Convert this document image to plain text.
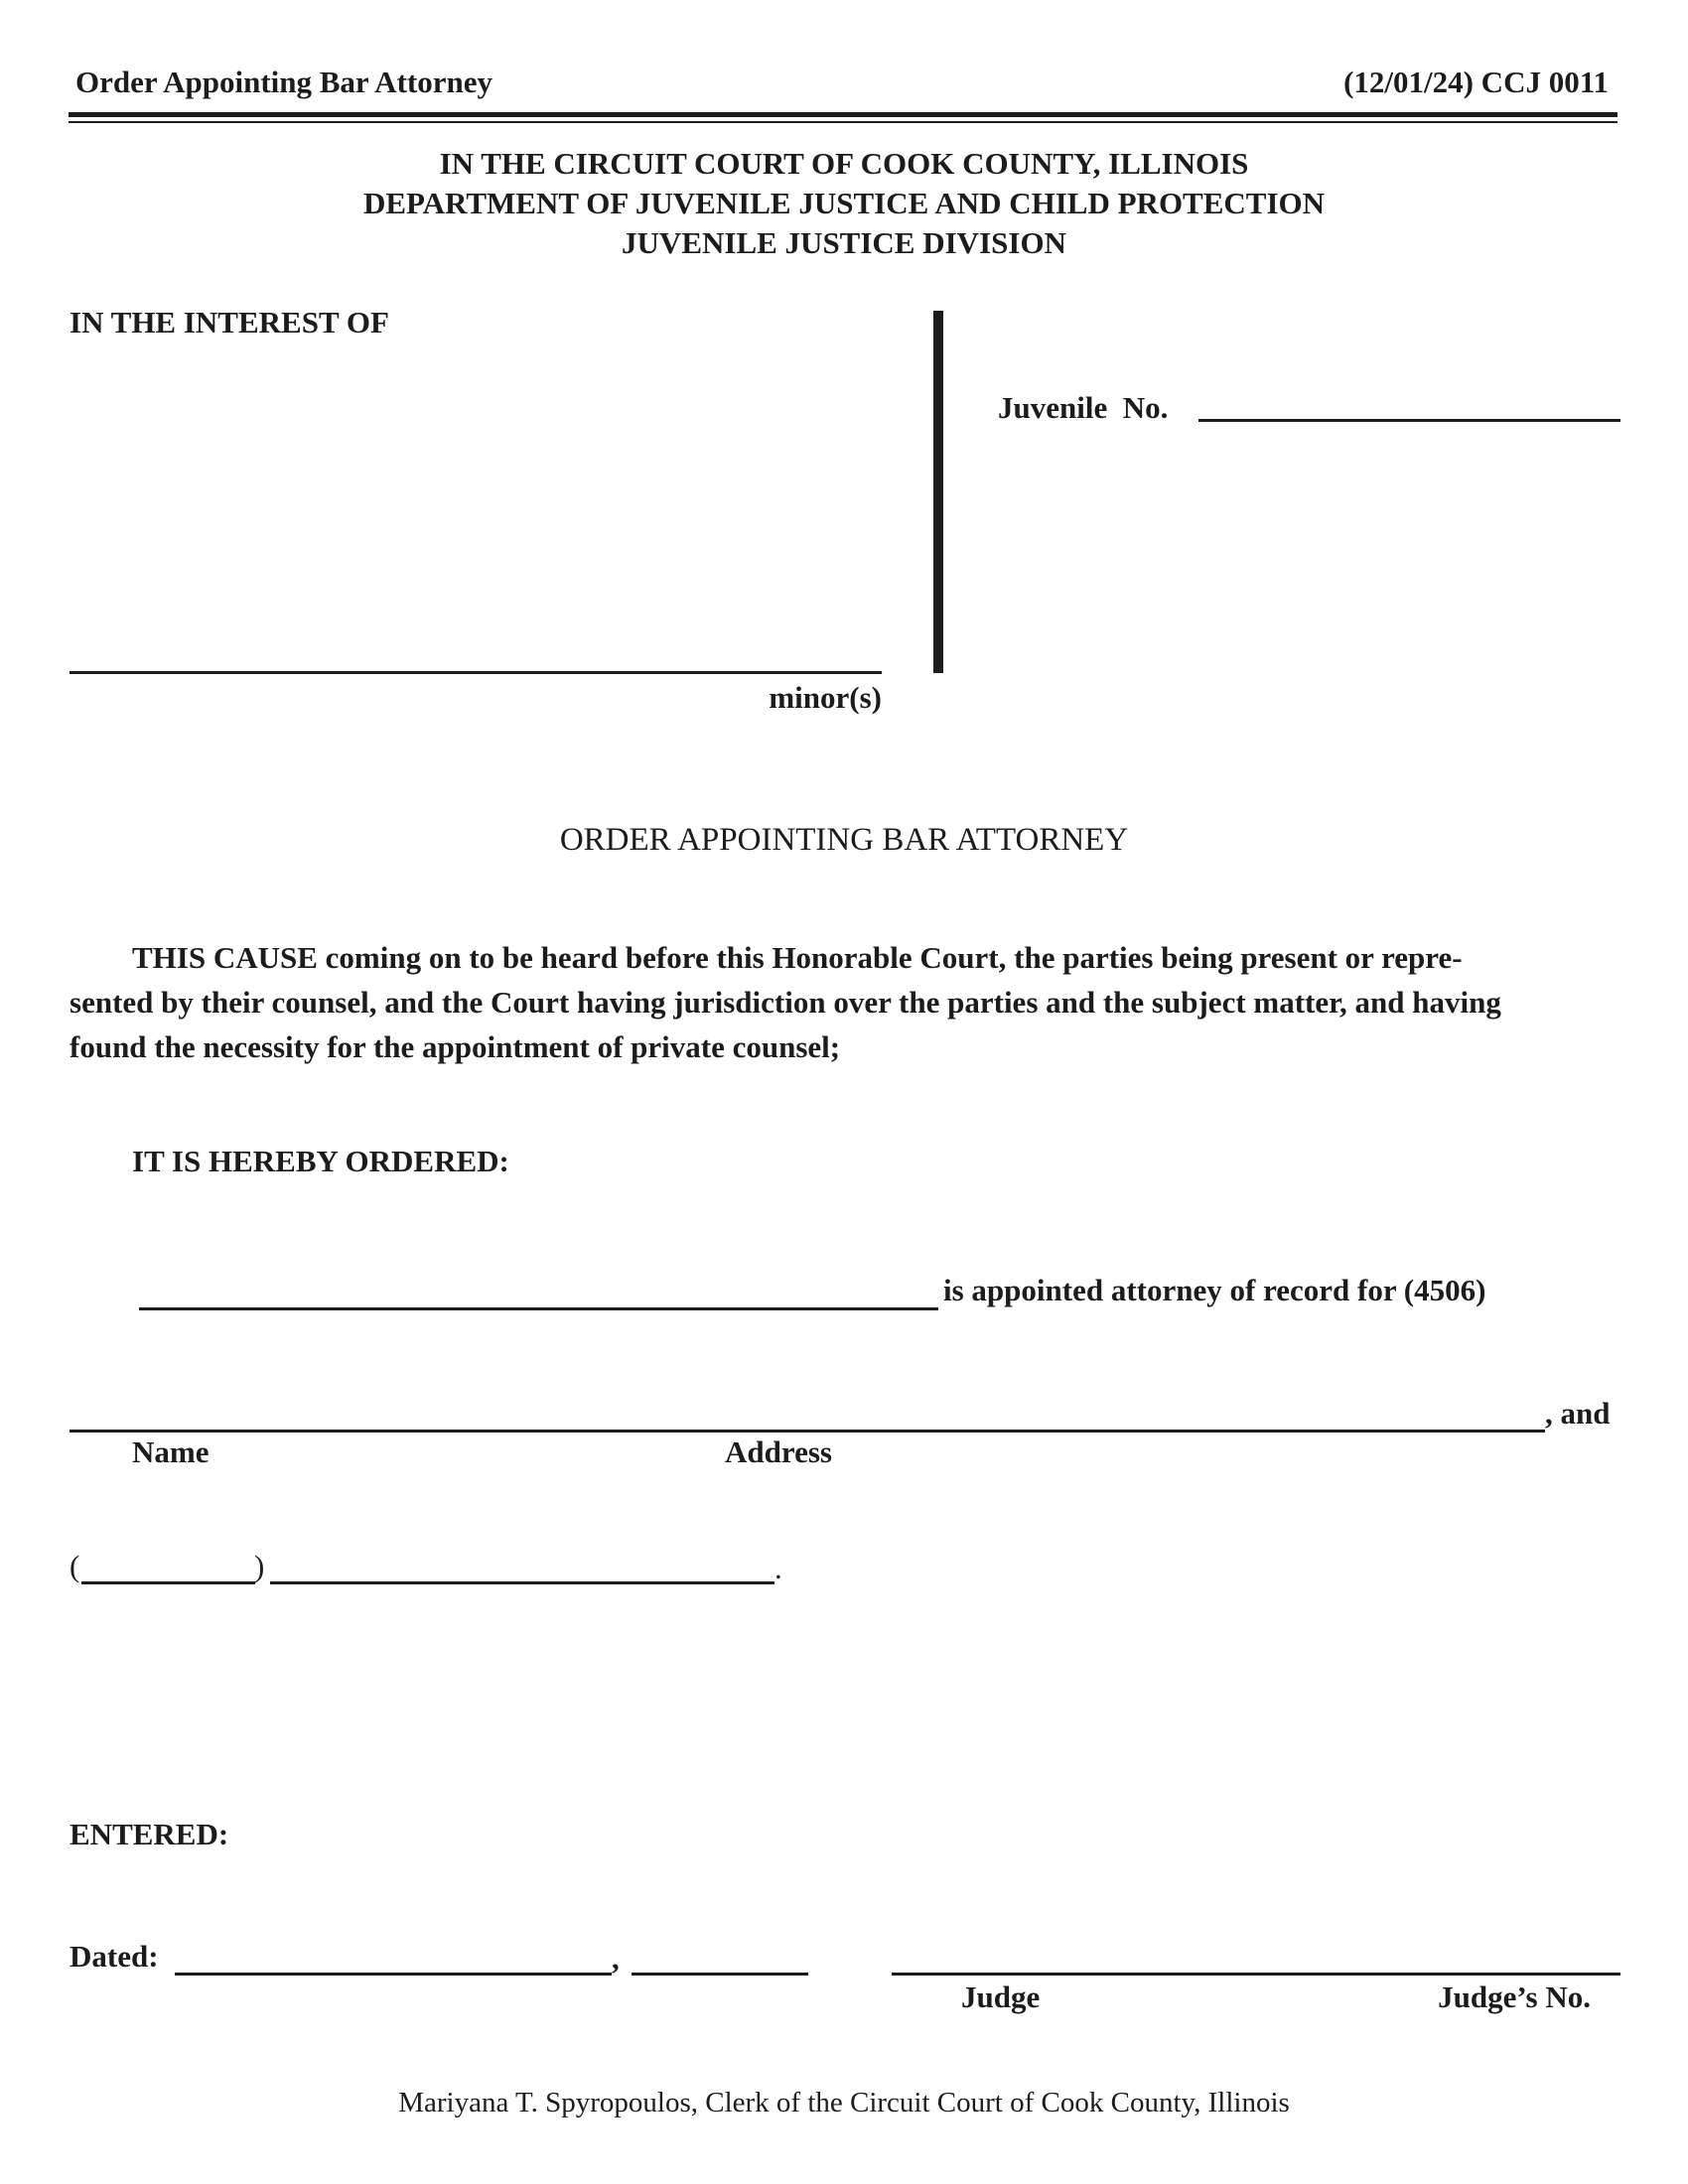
Order Appointing Bar Attorney	(12/01/24) CCJ 0011
IN THE CIRCUIT COURT OF COOK COUNTY, ILLINOIS
DEPARTMENT OF JUVENILE JUSTICE AND CHILD PROTECTION
JUVENILE JUSTICE DIVISION
IN THE INTEREST OF
minor(s)
Juvenile  No.
ORDER APPOINTING BAR ATTORNEY
THIS CAUSE coming on to be heard before this Honorable Court, the parties being present or repre-
sented by their counsel, and the Court having jurisdiction over the parties and the subject matter, and having
found the necessity for the appointment of private counsel;
IT IS HEREBY ORDERED:
is appointed attorney of record for (4506)
, and
Name	Address
(	)	.
ENTERED:
Dated:	,
Judge	Judge’s No.
Mariyana T. Spyropoulos, Clerk of the Circuit Court of Cook County, Illinois
